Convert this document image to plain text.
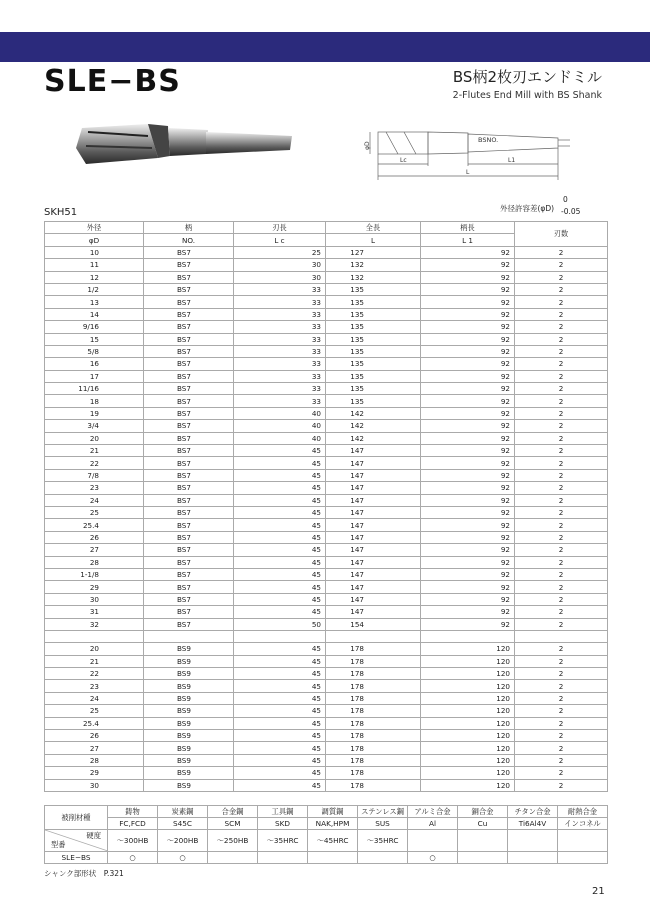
SLE−BS	BS柄2枚刃エンドミル
2-Flutes End Mill with BS Shank
BSNO.
φD
Lc	L1
L
SKH51	外径許容差(φD)
0
-0.05
外径	柄	刃長	全長	柄長	刃数
φD	NO.	L c	L	L 1	
10	BS7	25	127	92	2
11	BS7	30	132	92	2
12	BS7	30	132	92	2
1/2	BS7	33	135	92	2
13	BS7	33	135	92	2
14	BS7	33	135	92	2
9/16	BS7	33	135	92	2
15	BS7	33	135	92	2
5/8	BS7	33	135	92	2
16	BS7	33	135	92	2
17	BS7	33	135	92	2
11/16	BS7	33	135	92	2
18	BS7	33	135	92	2
19	BS7	40	142	92	2
3/4	BS7	40	142	92	2
20	BS7	40	142	92	2
21	BS7	45	147	92	2
22	BS7	45	147	92	2
7/8	BS7	45	147	92	2
23	BS7	45	147	92	2
24	BS7	45	147	92	2
25	BS7	45	147	92	2
25.4	BS7	45	147	92	2
26	BS7	45	147	92	2
27	BS7	45	147	92	2
28	BS7	45	147	92	2
1-1/8	BS7	45	147	92	2
29	BS7	45	147	92	2
30	BS7	45	147	92	2
31	BS7	45	147	92	2
32	BS7	50	154	92	2

20	BS9	45	178	120	2
21	BS9	45	178	120	2
22	BS9	45	178	120	2
23	BS9	45	178	120	2
24	BS9	45	178	120	2
25	BS9	45	178	120	2
25.4	BS9	45	178	120	2
26	BS9	45	178	120	2
27	BS9	45	178	120	2
28	BS9	45	178	120	2
29	BS9	45	178	120	2
30	BS9	45	178	120	2
被削材種	鋳物	炭素鋼	合金鋼	工具鋼	調質鋼	ステンレス鋼	アルミ合金	銅合金	チタン合金	耐熱合金
	FC,FCD	S45C	SCM	SKD	NAK,HPM	SUS	Al	Cu	Ti6Al4V	インコネル

硬度
型番	〜300HB	〜200HB	〜250HB	〜35HRC	〜45HRC	〜35HRC				
SLE−BS	○	○					○			
シャンク部形状　P.321
21
